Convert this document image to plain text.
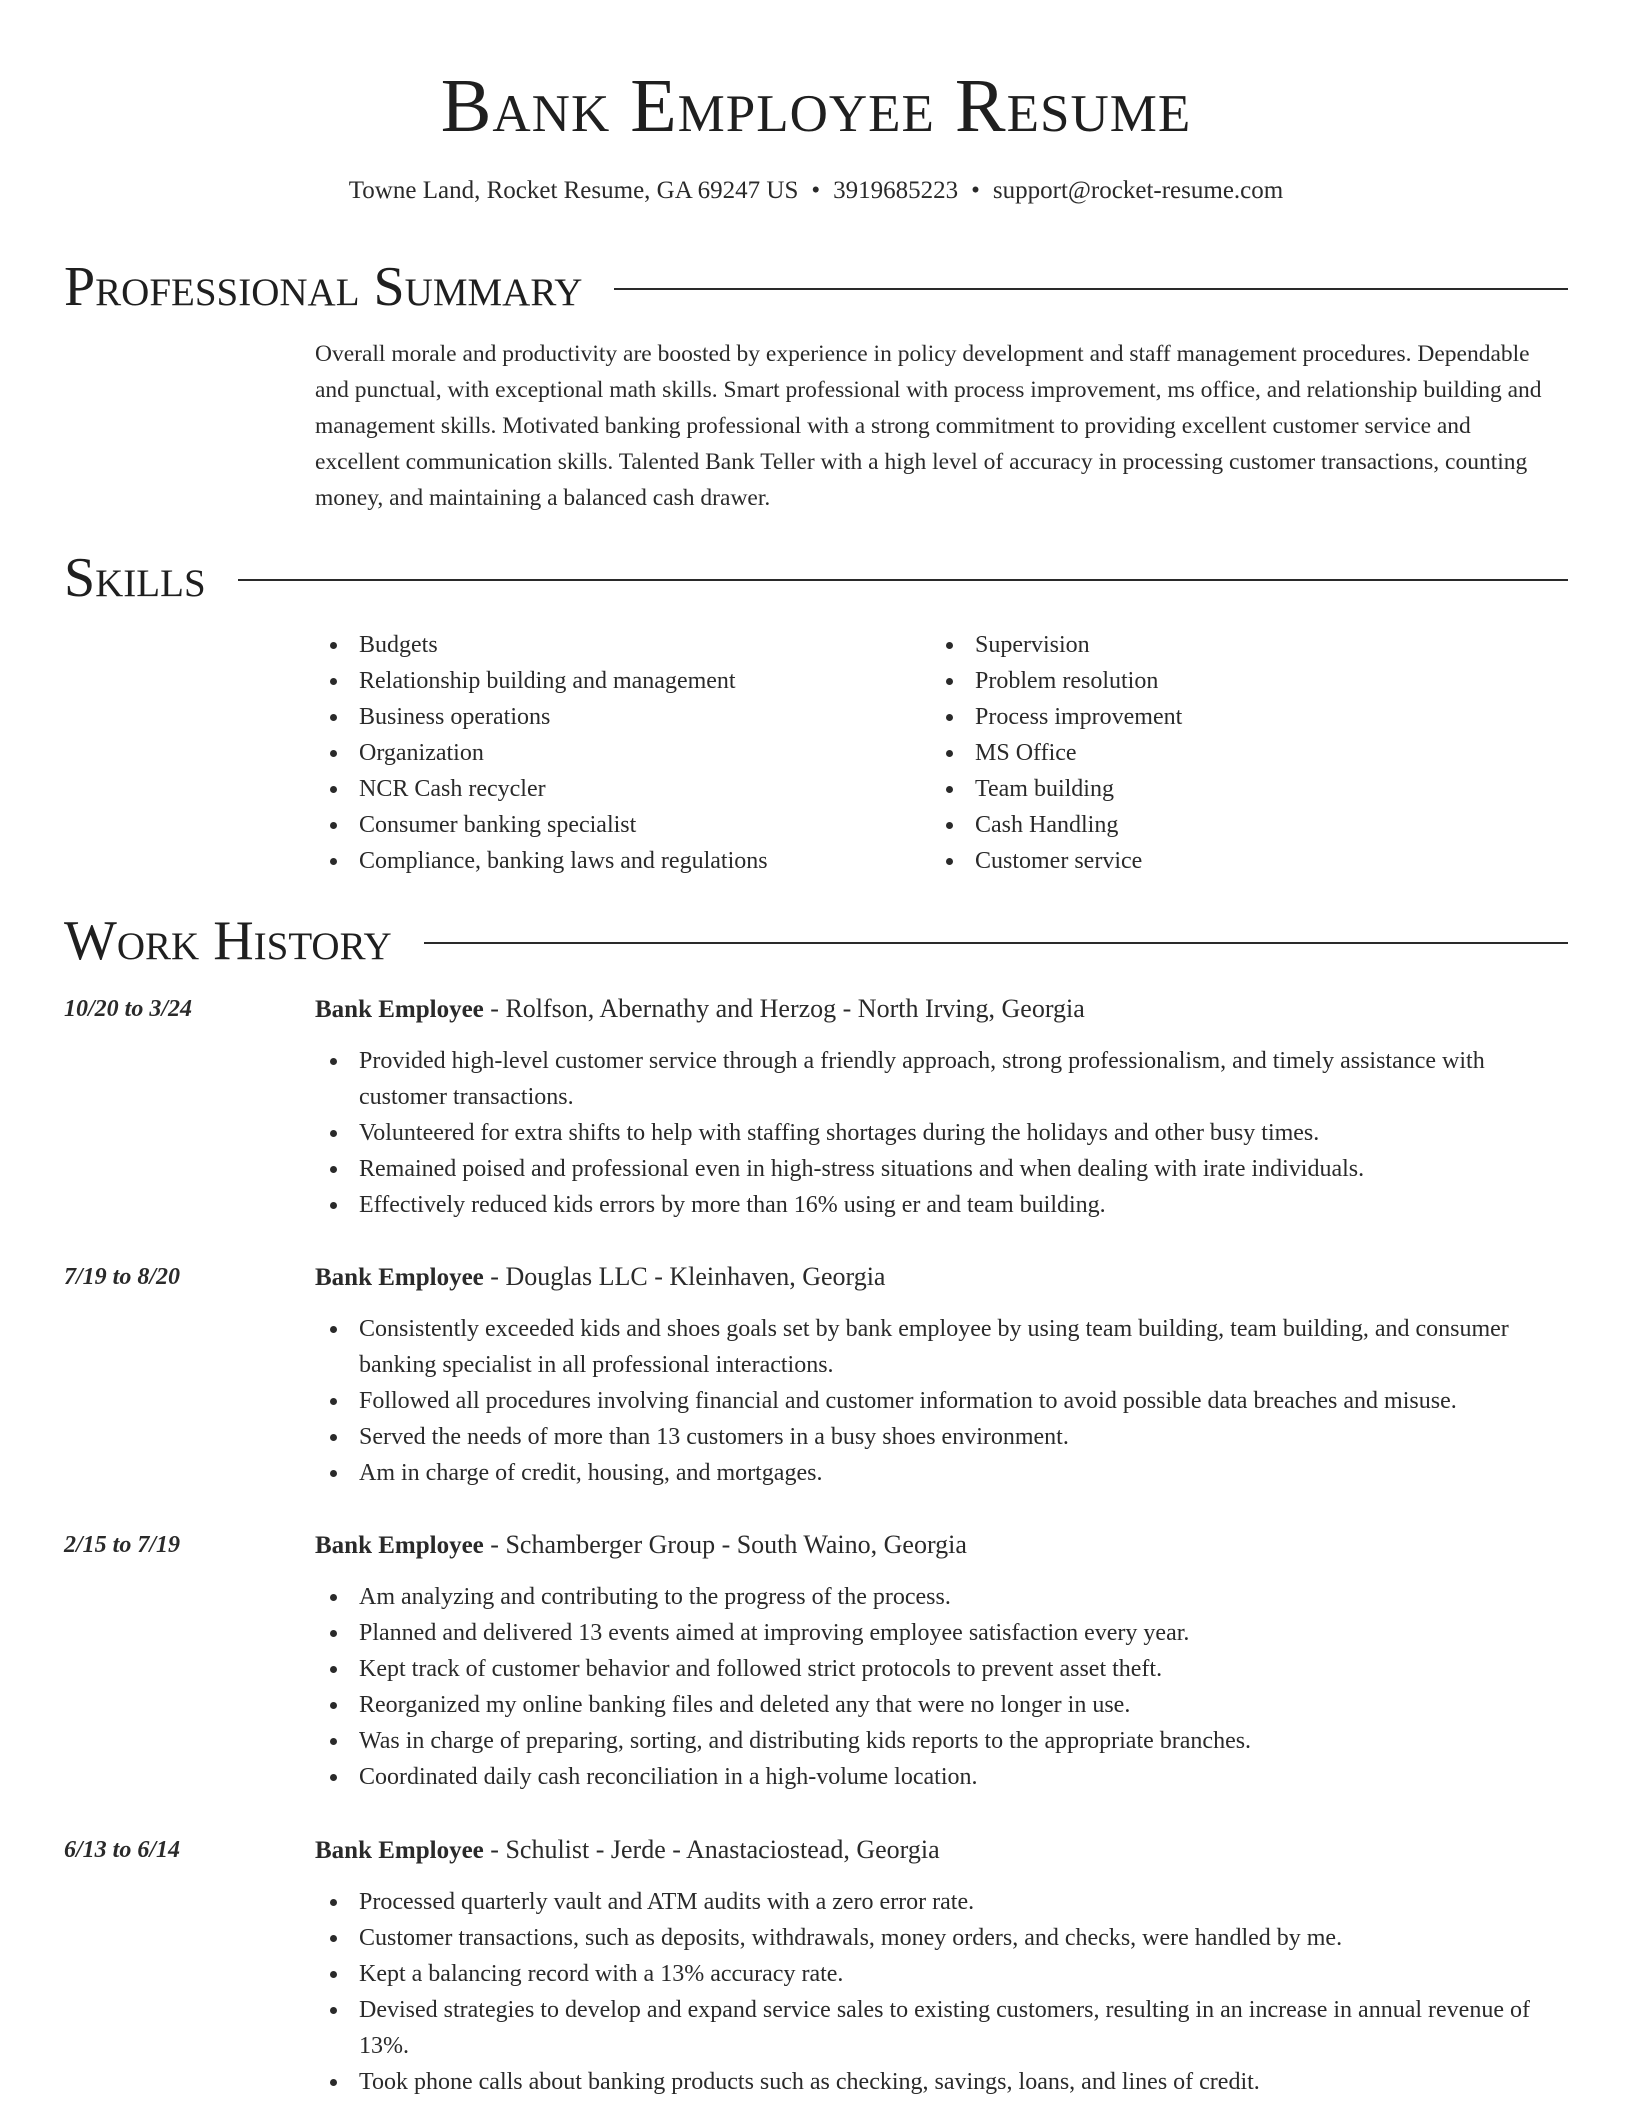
Bank Employee Resume
Towne Land, Rocket Resume, GA 69247 US • 3919685223 • support@rocket-resume.com
Professional Summary
Overall morale and productivity are boosted by experience in policy development and staff management procedures. Dependable and punctual, with exceptional math skills. Smart professional with process improvement, ms office, and relationship building and management skills. Motivated banking professional with a strong commitment to providing excellent customer service and excellent communication skills. Talented Bank Teller with a high level of accuracy in processing customer transactions, counting money, and maintaining a balanced cash drawer.
Skills
Budgets
Relationship building and management
Business operations
Organization
NCR Cash recycler
Consumer banking specialist
Compliance, banking laws and regulations
Supervision
Problem resolution
Process improvement
MS Office
Team building
Cash Handling
Customer service
Work History
10/20 to 3/24	Bank Employee - Rolfson, Abernathy and Herzog - North Irving, Georgia
Provided high-level customer service through a friendly approach, strong professionalism, and timely assistance with customer transactions.
Volunteered for extra shifts to help with staffing shortages during the holidays and other busy times.
Remained poised and professional even in high-stress situations and when dealing with irate individuals.
Effectively reduced kids errors by more than 16% using er and team building.
7/19 to 8/20	Bank Employee - Douglas LLC - Kleinhaven, Georgia
Consistently exceeded kids and shoes goals set by bank employee by using team building, team building, and consumer banking specialist in all professional interactions.
Followed all procedures involving financial and customer information to avoid possible data breaches and misuse.
Served the needs of more than 13 customers in a busy shoes environment.
Am in charge of credit, housing, and mortgages.
2/15 to 7/19	Bank Employee - Schamberger Group - South Waino, Georgia
Am analyzing and contributing to the progress of the process.
Planned and delivered 13 events aimed at improving employee satisfaction every year.
Kept track of customer behavior and followed strict protocols to prevent asset theft.
Reorganized my online banking files and deleted any that were no longer in use.
Was in charge of preparing, sorting, and distributing kids reports to the appropriate branches.
Coordinated daily cash reconciliation in a high-volume location.
6/13 to 6/14	Bank Employee - Schulist - Jerde - Anastaciostead, Georgia
Processed quarterly vault and ATM audits with a zero error rate.
Customer transactions, such as deposits, withdrawals, money orders, and checks, were handled by me.
Kept a balancing record with a 13% accuracy rate.
Devised strategies to develop and expand service sales to existing customers, resulting in an increase in annual revenue of 13%.
Took phone calls about banking products such as checking, savings, loans, and lines of credit.
